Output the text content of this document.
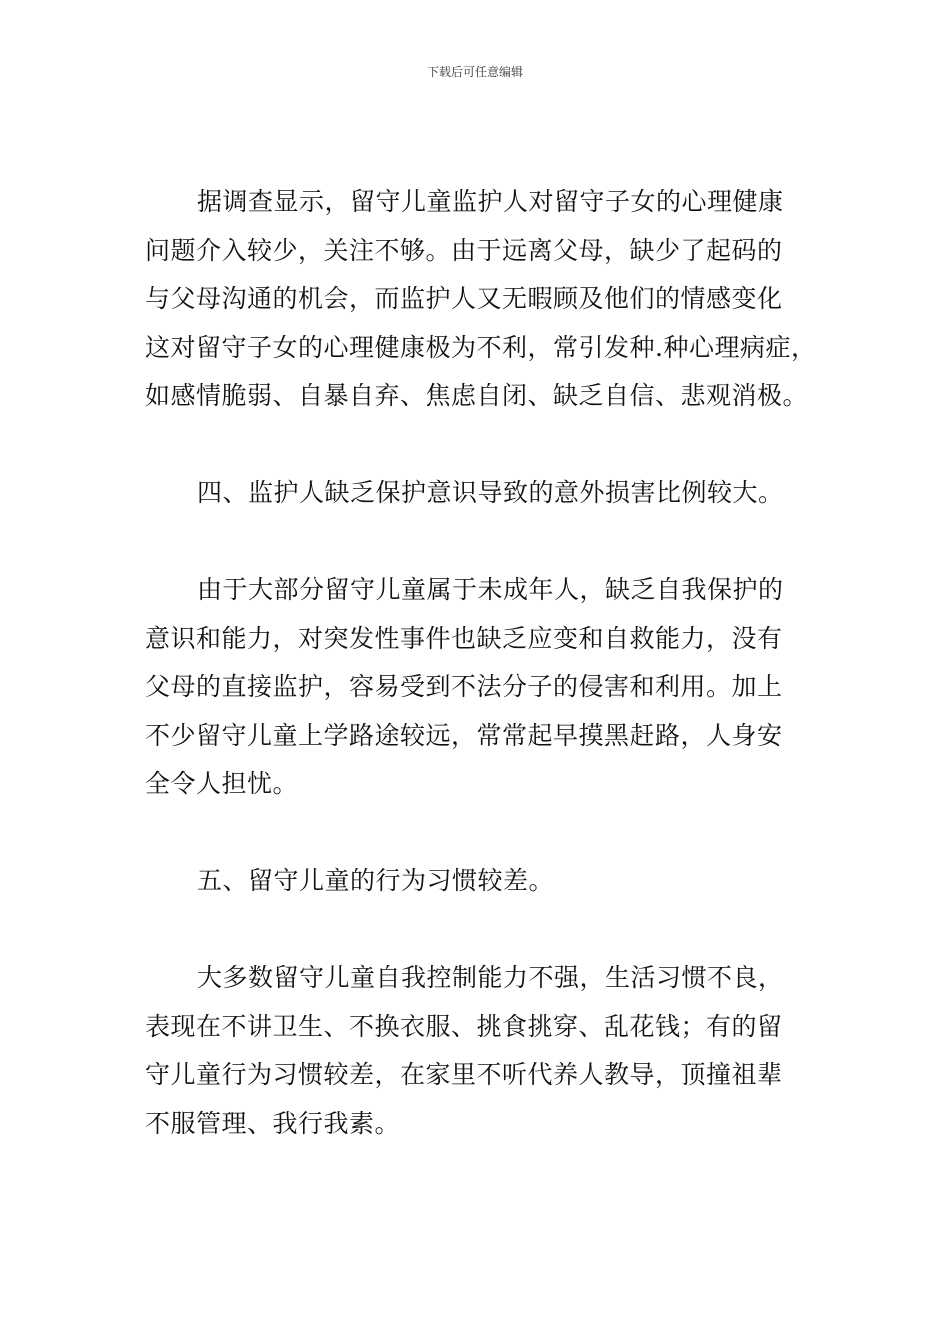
下载后可任意编辑
据调查显示，留守儿童监护人对留守子女的心理健康
问题介入较少，关注不够。由于远离父母，缺少了起码的
与父母沟通的机会，而监护人又无暇顾及他们的情感变化
这对留守子女的心理健康极为不利，常引发种.种心理病症，
如感情脆弱、自暴自弃、焦虑自闭、缺乏自信、悲观消极。
四、监护人缺乏保护意识导致的意外损害比例较大。
由于大部分留守儿童属于未成年人，缺乏自我保护的
意识和能力，对突发性事件也缺乏应变和自救能力，没有
父母的直接监护，容易受到不法分子的侵害和利用。加上
不少留守儿童上学路途较远，常常起早摸黑赶路，人身安
全令人担忧。
五、留守儿童的行为习惯较差。
大多数留守儿童自我控制能力不强，生活习惯不良，
表现在不讲卫生、不换衣服、挑食挑穿、乱花钱；有的留
守儿童行为习惯较差，在家里不听代养人教导，顶撞祖辈
不服管理、我行我素。
